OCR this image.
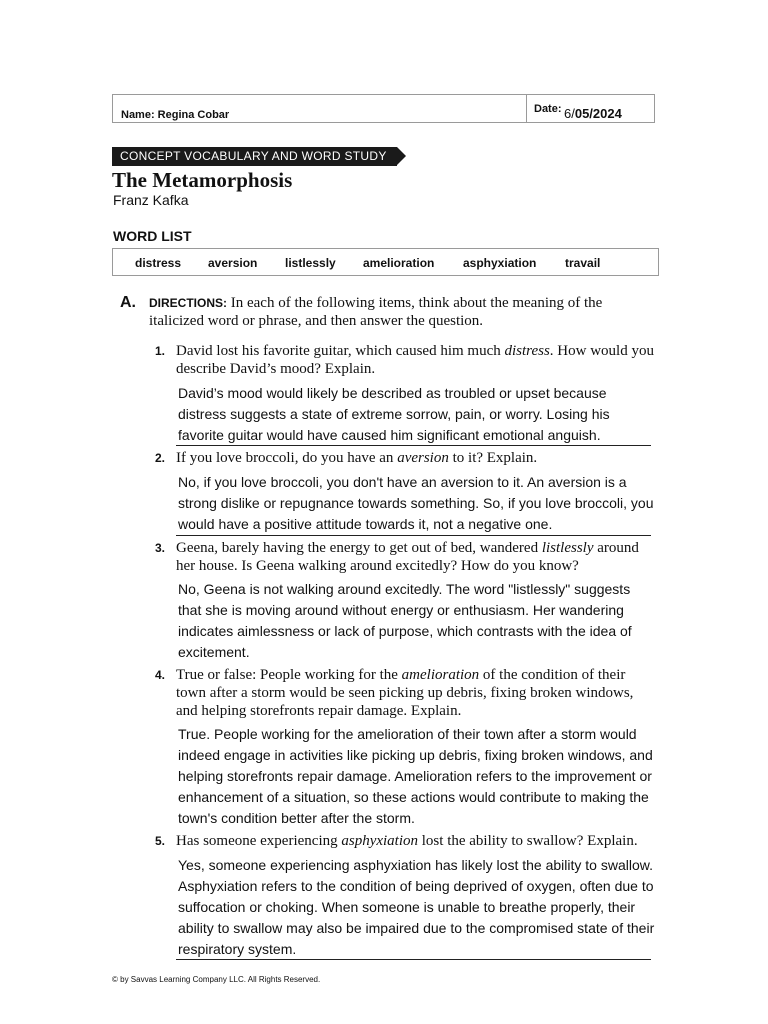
Name: Regina Cobar	Date: 6/05/2024
CONCEPT VOCABULARY AND WORD STUDY
The Metamorphosis
Franz Kafka
WORD LIST
distress aversion listlessly amelioration asphyxiation travail
A. DIRECTIONS: In each of the following items, think about the meaning of the italicized word or phrase, and then answer the question.
1. David lost his favorite guitar, which caused him much distress. How would you describe David’s mood? Explain.
David’s mood would likely be described as troubled or upset because distress suggests a state of extreme sorrow, pain, or worry. Losing his favorite guitar would have caused him significant emotional anguish.
2. If you love broccoli, do you have an aversion to it? Explain.
No, if you love broccoli, you don't have an aversion to it. An aversion is a strong dislike or repugnance towards something. So, if you love broccoli, you would have a positive attitude towards it, not a negative one.
3. Geena, barely having the energy to get out of bed, wandered listlessly around her house. Is Geena walking around excitedly? How do you know?
No, Geena is not walking around excitedly. The word "listlessly" suggests that she is moving around without energy or enthusiasm. Her wandering indicates aimlessness or lack of purpose, which contrasts with the idea of excitement.
4. True or false: People working for the amelioration of the condition of their town after a storm would be seen picking up debris, fixing broken windows, and helping storefronts repair damage. Explain.
True. People working for the amelioration of their town after a storm would indeed engage in activities like picking up debris, fixing broken windows, and helping storefronts repair damage. Amelioration refers to the improvement or enhancement of a situation, so these actions would contribute to making the town's condition better after the storm.
5. Has someone experiencing asphyxiation lost the ability to swallow? Explain.
Yes, someone experiencing asphyxiation has likely lost the ability to swallow. Asphyxiation refers to the condition of being deprived of oxygen, often due to suffocation or choking. When someone is unable to breathe properly, their ability to swallow may also be impaired due to the compromised state of their respiratory system.
© by Savvas Learning Company LLC. All Rights Reserved.
